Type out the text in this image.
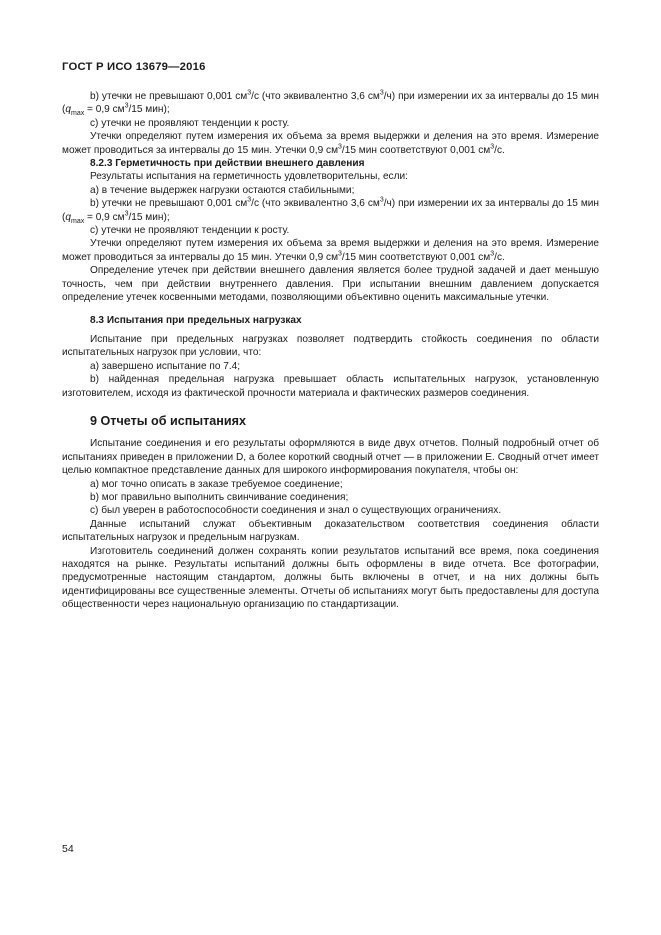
ГОСТ Р ИСО 13679—2016

b) утечки не превышают 0,001 $см^3/с$ (что эквивалентно 3,6 $см^3/ч$) при измерении их за интервалы до 15 мин ($q_{max} = 0,9$ $см^3/15$ мин);

c) утечки не проявляют тенденции к росту.

Утечки определяют путем измерения их объема за время выдержки и деления на это время. Измерение может проводиться за интервалы до 15 мин. Утечки 0,9 $см^3/15$ мин соответствуют 0,001 $см^3/с$.

8.2.3 Герметичность при действии внешнего давления

Результаты испытания на герметичность удовлетворительны, если:

а) в течение выдержек нагрузки остаются стабильными;

b) утечки не превышают 0,001 $см^3/с$ (что эквивалентно 3,6 $см^3/ч$) при измерении их за интервалы до 15 мин ($q_{max} = 0,9$ $см^3/15$ мин);

c) утечки не проявляют тенденции к росту.

Утечки определяют путем измерения их объема за время выдержки и деления на это время. Измерение может проводиться за интервалы до 15 мин. Утечки 0,9 $см^3/15$ мин соответствуют 0,001 $см^3/с$.

Определение утечек при действии внешнего давления является более трудной задачей и дает меньшую точность, чем при действии внутреннего давления. При испытании внешним давлением допускается определение утечек косвенными методами, позволяющими объективно оценить максимальные утечки.

8.3 Испытания при предельных нагрузках

Испытание при предельных нагрузках позволяет подтвердить стойкость соединения по области испытательных нагрузок при условии, что:

а) завершено испытание по 7.4;

b) найденная предельная нагрузка превышает область испытательных нагрузок, установленную изготовителем, исходя из фактической прочности материала и фактических размеров соединения.

9 Отчеты об испытаниях

Испытание соединения и его результаты оформляются в виде двух отчетов. Полный подробный отчет об испытаниях приведен в приложении D, а более короткий сводный отчет — в приложении Е. Сводный отчет имеет целью компактное представление данных для широкого информирования покупателя, чтобы он:

а) мог точно описать в заказе требуемое соединение;

b) мог правильно выполнить свинчивание соединения;

c) был уверен в работоспособности соединения и знал о существующих ограничениях.

Данные испытаний служат объективным доказательством соответствия соединения области испытательных нагрузок и предельным нагрузкам.

Изготовитель соединений должен сохранять копии результатов испытаний все время, пока соединения находятся на рынке. Результаты испытаний должны быть оформлены в виде отчета. Все фотографии, предусмотренные настоящим стандартом, должны быть включены в отчет, и на них должны быть идентифицированы все существенные элементы. Отчеты об испытаниях могут быть предоставлены для доступа общественности через национальную организацию по стандартизации.

54
